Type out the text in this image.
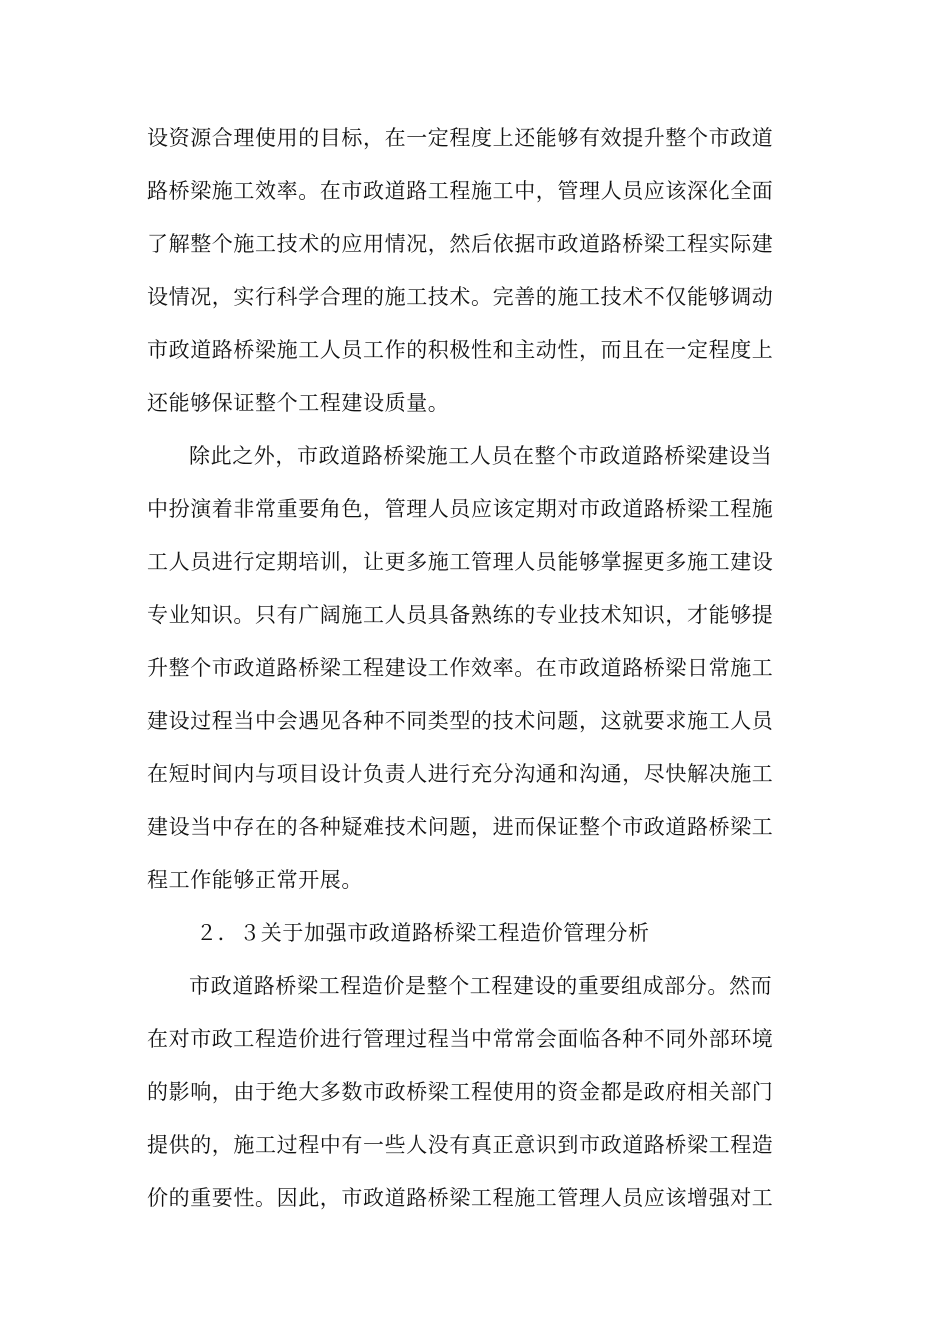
设资源合理使用的目标，在一定程度上还能够有效提升整个市政道
路桥梁施工效率。在市政道路工程施工中，管理人员应该深化全面
了解整个施工技术的应用情况，然后依据市政道路桥梁工程实际建
设情况，实行科学合理的施工技术。完善的施工技术不仅能够调动
市政道路桥梁施工人员工作的积极性和主动性，而且在一定程度上
还能够保证整个工程建设质量。
除此之外，市政道路桥梁施工人员在整个市政道路桥梁建设当
中扮演着非常重要角色，管理人员应该定期对市政道路桥梁工程施
工人员进行定期培训，让更多施工管理人员能够掌握更多施工建设
专业知识。只有广阔施工人员具备熟练的专业技术知识，才能够提
升整个市政道路桥梁工程建设工作效率。在市政道路桥梁日常施工
建设过程当中会遇见各种不同类型的技术问题，这就要求施工人员
在短时间内与项目设计负责人进行充分沟通和沟通，尽快解决施工
建设当中存在的各种疑难技术问题，进而保证整个市政道路桥梁工
程工作能够正常开展。
２．３关于加强市政道路桥梁工程造价管理分析
市政道路桥梁工程造价是整个工程建设的重要组成部分。然而
在对市政工程造价进行管理过程当中常常会面临各种不同外部环境
的影响，由于绝大多数市政桥梁工程使用的资金都是政府相关部门
提供的，施工过程中有一些人没有真正意识到市政道路桥梁工程造
价的重要性。因此，市政道路桥梁工程施工管理人员应该增强对工
